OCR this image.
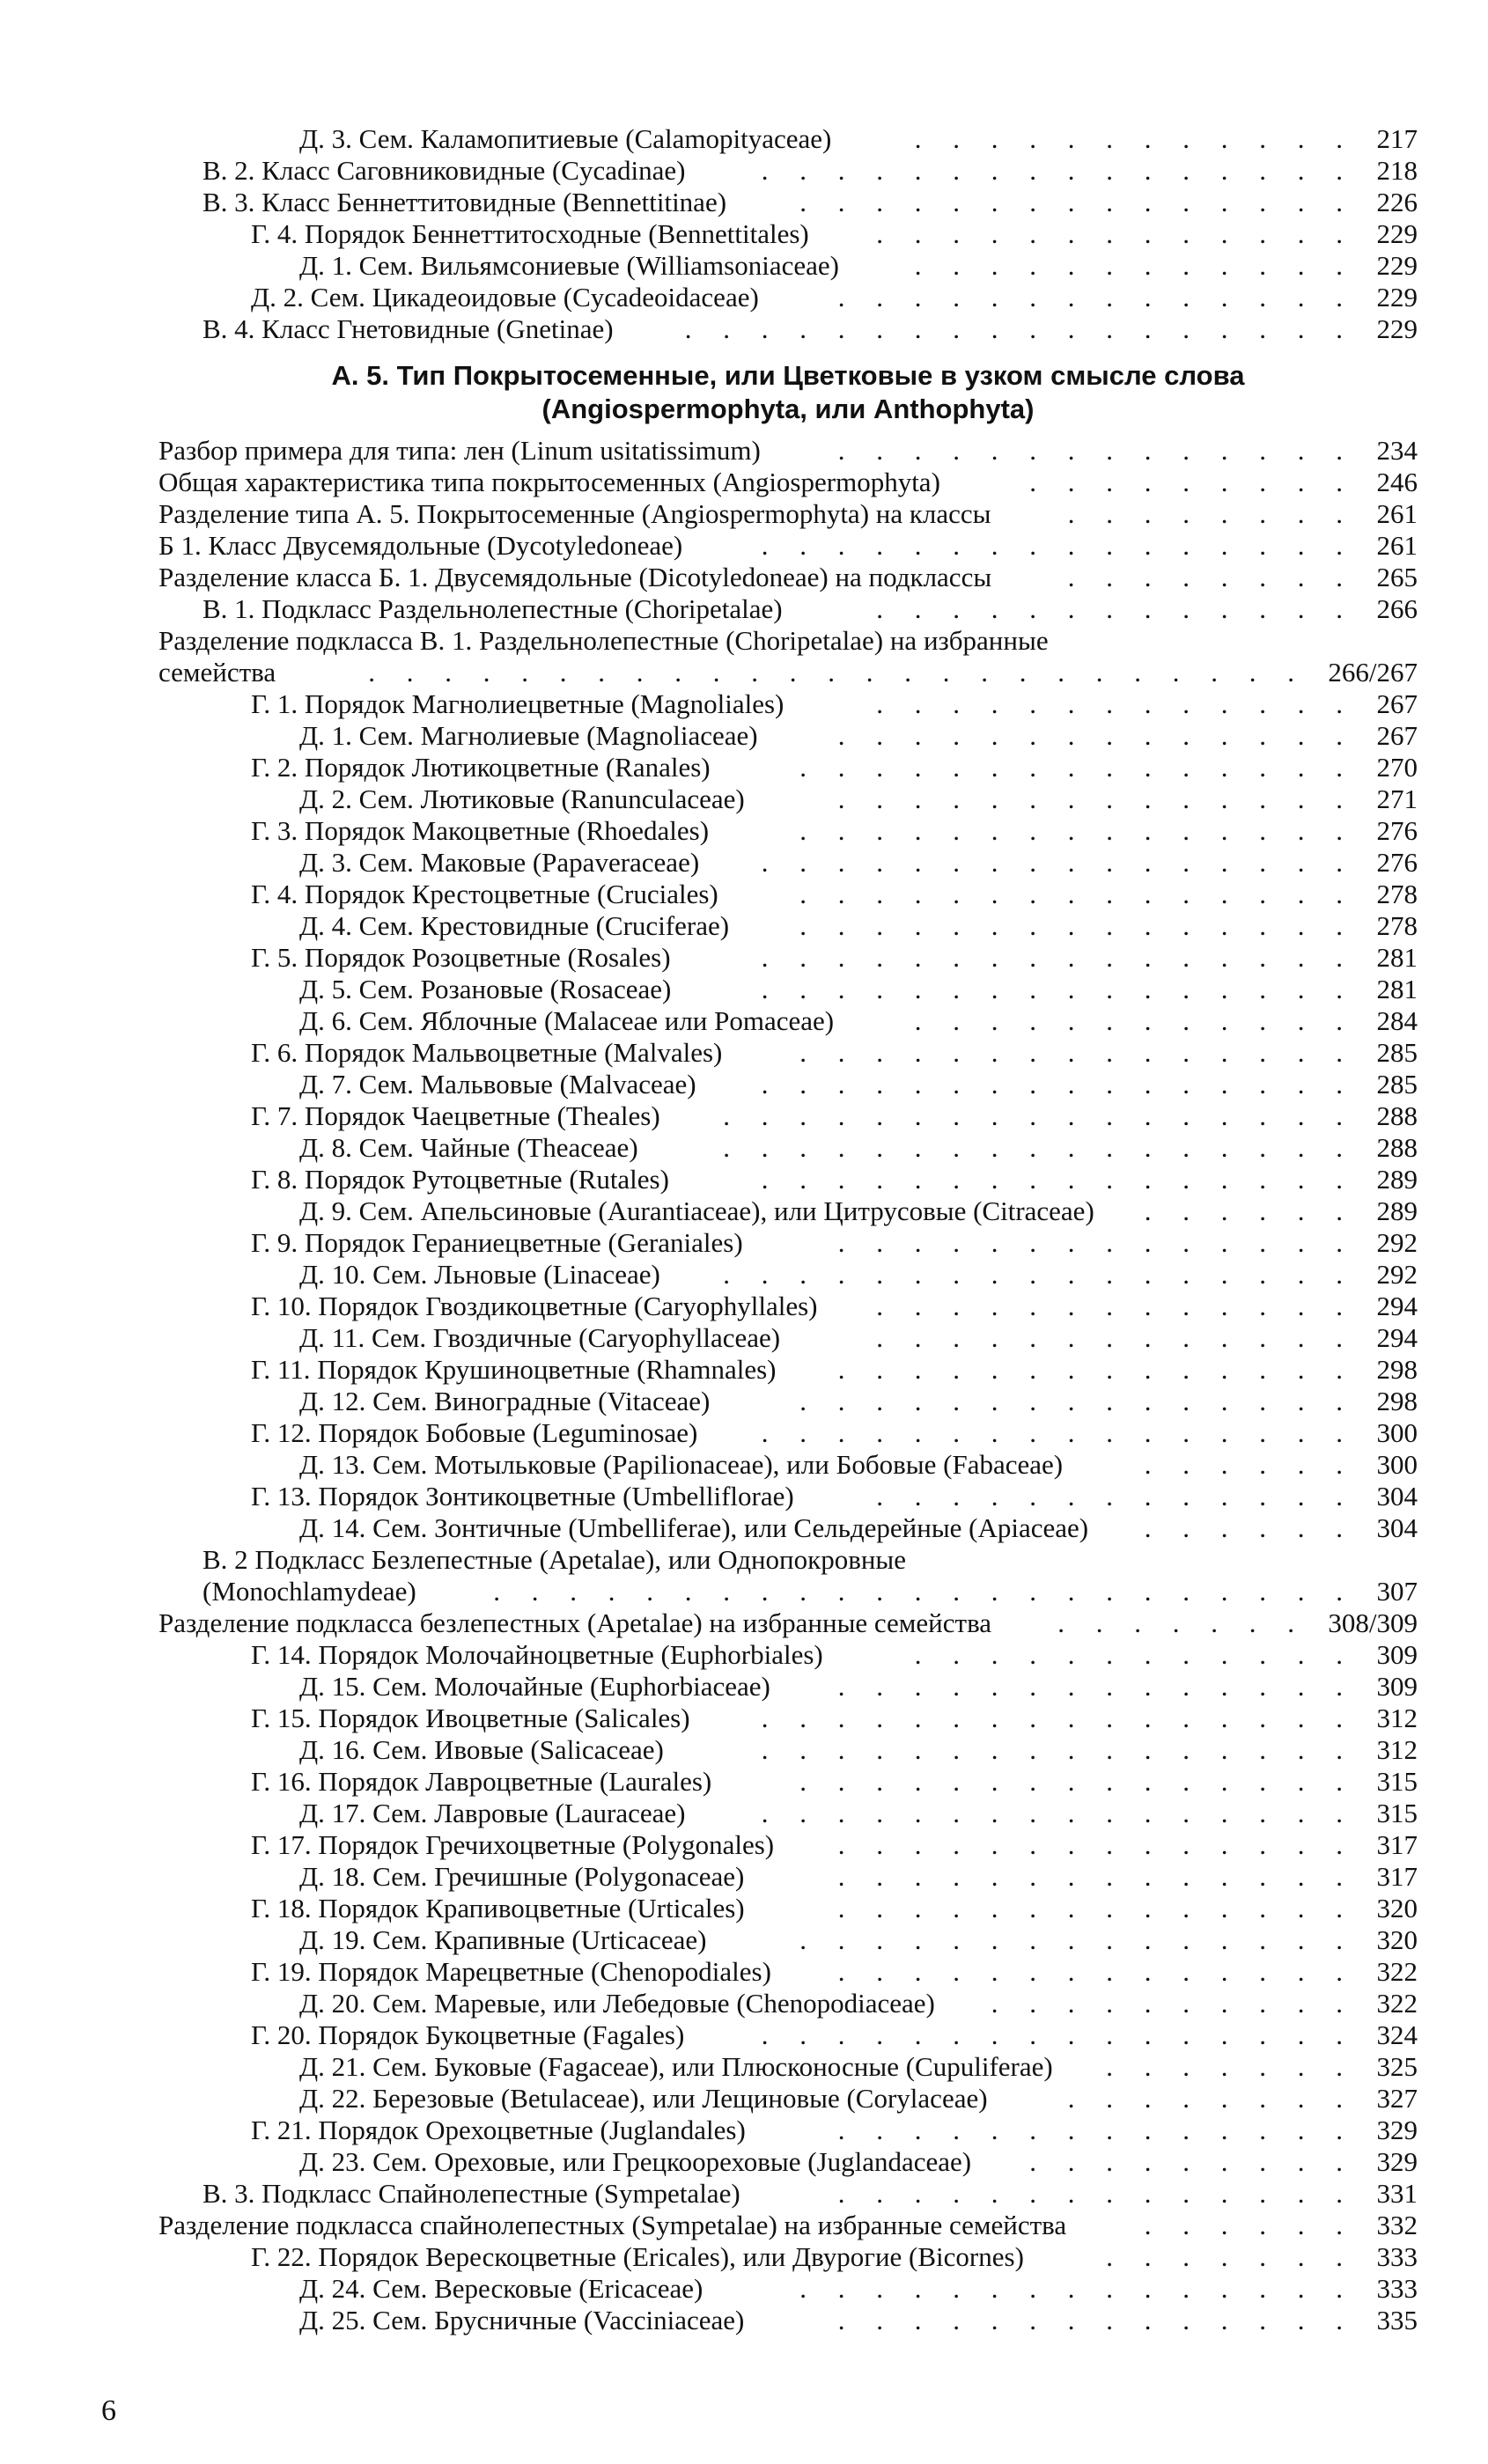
Д. 3. Сем. Каламопитиевые (Calamopityaceae)	217
. . . . . . . . . . . .
В. 2. Класс Саговниковидные (Cycadinae)	218
. . . . . . . . . . . . . . . .
В. 3. Класс Беннеттитовидные (Bennettitinae)	226
. . . . . . . . . . . . . . .
Г. 4. Порядок Беннеттитосходные (Bennettitales)	229
. . . . . . . . . . . . .
Д. 1. Сем. Вильямсониевые (Williamsoniaceae)	229
. . . . . . . . . . . .
Д. 2. Сем. Цикадеоидовые (Cycadeoidaceae)	229
. . . . . . . . . . . . . .
В. 4. Класс Гнетовидные (Gnetinae)	229
. . . . . . . . . . . . . . . . . .
А. 5. Тип Покрытосеменные, или Цветковые в узком смысле слова
(Angiospermophyta, или Anthophyta)
Разбор примера для типа: лен (Linum usitatissimum)	234
. . . . . . . . . . . . . .
Общая характеристика типа покрытосеменных (Angiospermophyta)	246
. . . . . . . . .
Разделение типа А. 5. Покрытосеменные (Angiospermophyta) на классы	261
. . . . . . . .
Б 1. Класс Двусемядольные (Dycotyledoneae)	261
. . . . . . . . . . . . . . . .
Разделение класса Б. 1. Двусемядольные (Dicotyledoneae) на подклассы	265
. . . . . . . .
В. 1. Подкласс Раздельнолепестные (Choripetalae)	266
. . . . . . . . . . . . .
Разделение подкласса В. 1. Раздельнолепестные (Choripetalae) на избранные
семейства	266/267
. . . . . . . . . . . . . . . . . . . . . . . . .
Г. 1. Порядок Магнолиецветные (Magnoliales)	267
. . . . . . . . . . . . .
Д. 1. Сем. Магнолиевые (Magnoliaceae)	267
. . . . . . . . . . . . . .
Г. 2. Порядок Лютикоцветные (Ranales)	270
. . . . . . . . . . . . . . .
Д. 2. Сем. Лютиковые (Ranunculaceae)	271
. . . . . . . . . . . . . .
Г. 3. Порядок Макоцветные (Rhoedales)	276
. . . . . . . . . . . . . . .
Д. 3. Сем. Маковые (Papaveraceae)	276
. . . . . . . . . . . . . . . .
Г. 4. Порядок Крестоцветные (Cruciales)	278
. . . . . . . . . . . . . . .
Д. 4. Сем. Крестовидные (Cruciferae)	278
. . . . . . . . . . . . . . .
Г. 5. Порядок Розоцветные (Rosales)	281
. . . . . . . . . . . . . . . .
Д. 5. Сем. Розановые (Rosaceae)	281
. . . . . . . . . . . . . . . .
Д. 6. Сем. Яблочные (Malaceae или Pomaceae)	284
. . . . . . . . . . . .
Г. 6. Порядок Мальвоцветные (Malvales)	285
. . . . . . . . . . . . . . .
Д. 7. Сем. Мальвовые (Malvaceae)	285
. . . . . . . . . . . . . . . .
Г. 7. Порядок Чаецветные (Theales)	288
. . . . . . . . . . . . . . . . .
Д. 8. Сем. Чайные (Theaceae)	288
. . . . . . . . . . . . . . . . .
Г. 8. Порядок Рутоцветные (Rutales)	289
. . . . . . . . . . . . . . . .
Д. 9. Сем. Апельсиновые (Aurantiaceae), или Цитрусовые (Citraceae)	289
. . . . . .
Г. 9. Порядок Гераниецветные (Geraniales)	292
. . . . . . . . . . . . . .
Д. 10. Сем. Льновые (Linaceae)	292
. . . . . . . . . . . . . . . . .
Г. 10. Порядок Гвоздикоцветные (Caryophyllales)	294
. . . . . . . . . . . . .
Д. 11. Сем. Гвоздичные (Caryophyllaceae)	294
. . . . . . . . . . . . .
Г. 11. Порядок Крушиноцветные (Rhamnales)	298
. . . . . . . . . . . . . .
Д. 12. Сем. Виноградные (Vitaceae)	298
. . . . . . . . . . . . . . .
Г. 12. Порядок Бобовые (Leguminosae)	300
. . . . . . . . . . . . . . . .
Д. 13. Сем. Мотыльковые (Papilionaceae), или Бобовые (Fabaceae)	300
. . . . . .
Г. 13. Порядок Зонтикоцветные (Umbelliflorae)	304
. . . . . . . . . . . . .
Д. 14. Сем. Зонтичные (Umbelliferae), или Сельдерейные (Apiaceae)	304
. . . . . .
В. 2 Подкласс Безлепестные (Apetalae), или Однопокровные
(Monochlamydeae)	307
. . . . . . . . . . . . . . . . . . . . . . .
Разделение подкласса безлепестных (Apetalae) на избранные семейства	308/309
. . . . . . .
Г. 14. Порядок Молочайноцветные (Euphorbiales)	309
. . . . . . . . . . . .
Д. 15. Сем. Молочайные (Euphorbiaceae)	309
. . . . . . . . . . . . . .
Г. 15. Порядок Ивоцветные (Salicales)	312
. . . . . . . . . . . . . . . .
Д. 16. Сем. Ивовые (Salicaceae)	312
. . . . . . . . . . . . . . . .
Г. 16. Порядок Лавроцветные (Laurales)	315
. . . . . . . . . . . . . . .
Д. 17. Сем. Лавровые (Lauraceae)	315
. . . . . . . . . . . . . . . .
Г. 17. Порядок Гречихоцветные (Polygonales)	317
. . . . . . . . . . . . . .
Д. 18. Сем. Гречишные (Polygonaceae)	317
. . . . . . . . . . . . . .
Г. 18. Порядок Крапивоцветные (Urticales)	320
. . . . . . . . . . . . . .
Д. 19. Сем. Крапивные (Urticaceae)	320
. . . . . . . . . . . . . . .
Г. 19. Порядок Марецветные (Chenopodiales)	322
. . . . . . . . . . . . . .
Д. 20. Сем. Маревые, или Лебедовые (Chenopodiaceae)	322
. . . . . . . . . .
Г. 20. Порядок Букоцветные (Fagales)	324
. . . . . . . . . . . . . . . .
Д. 21. Сем. Буковые (Fagaceae), или Плюсконосные (Cupuliferae)	325
. . . . . . .
Д. 22. Березовые (Betulaceae), или Лещиновые (Corylaceae)	327
. . . . . . . .
Г. 21. Порядок Орехоцветные (Juglandales)	329
. . . . . . . . . . . . . .
Д. 23. Сем. Ореховые, или Грецкоореховые (Juglandaceae)	329
. . . . . . . . .
В. 3. Подкласс Спайнолепестные (Sympetalae)	331
. . . . . . . . . . . . . .
Разделение подкласса спайнолепестных (Sympetalae) на избранные семейства	332
. . . . . .
Г. 22. Порядок Верескоцветные (Ericales), или Двурогие (Bicornes)	333
. . . . . . .
Д. 24. Сем. Вересковые (Ericaceae)	333
. . . . . . . . . . . . . . .
Д. 25. Сем. Брусничные (Vacciniaceae)	335
. . . . . . . . . . . . . .
6
